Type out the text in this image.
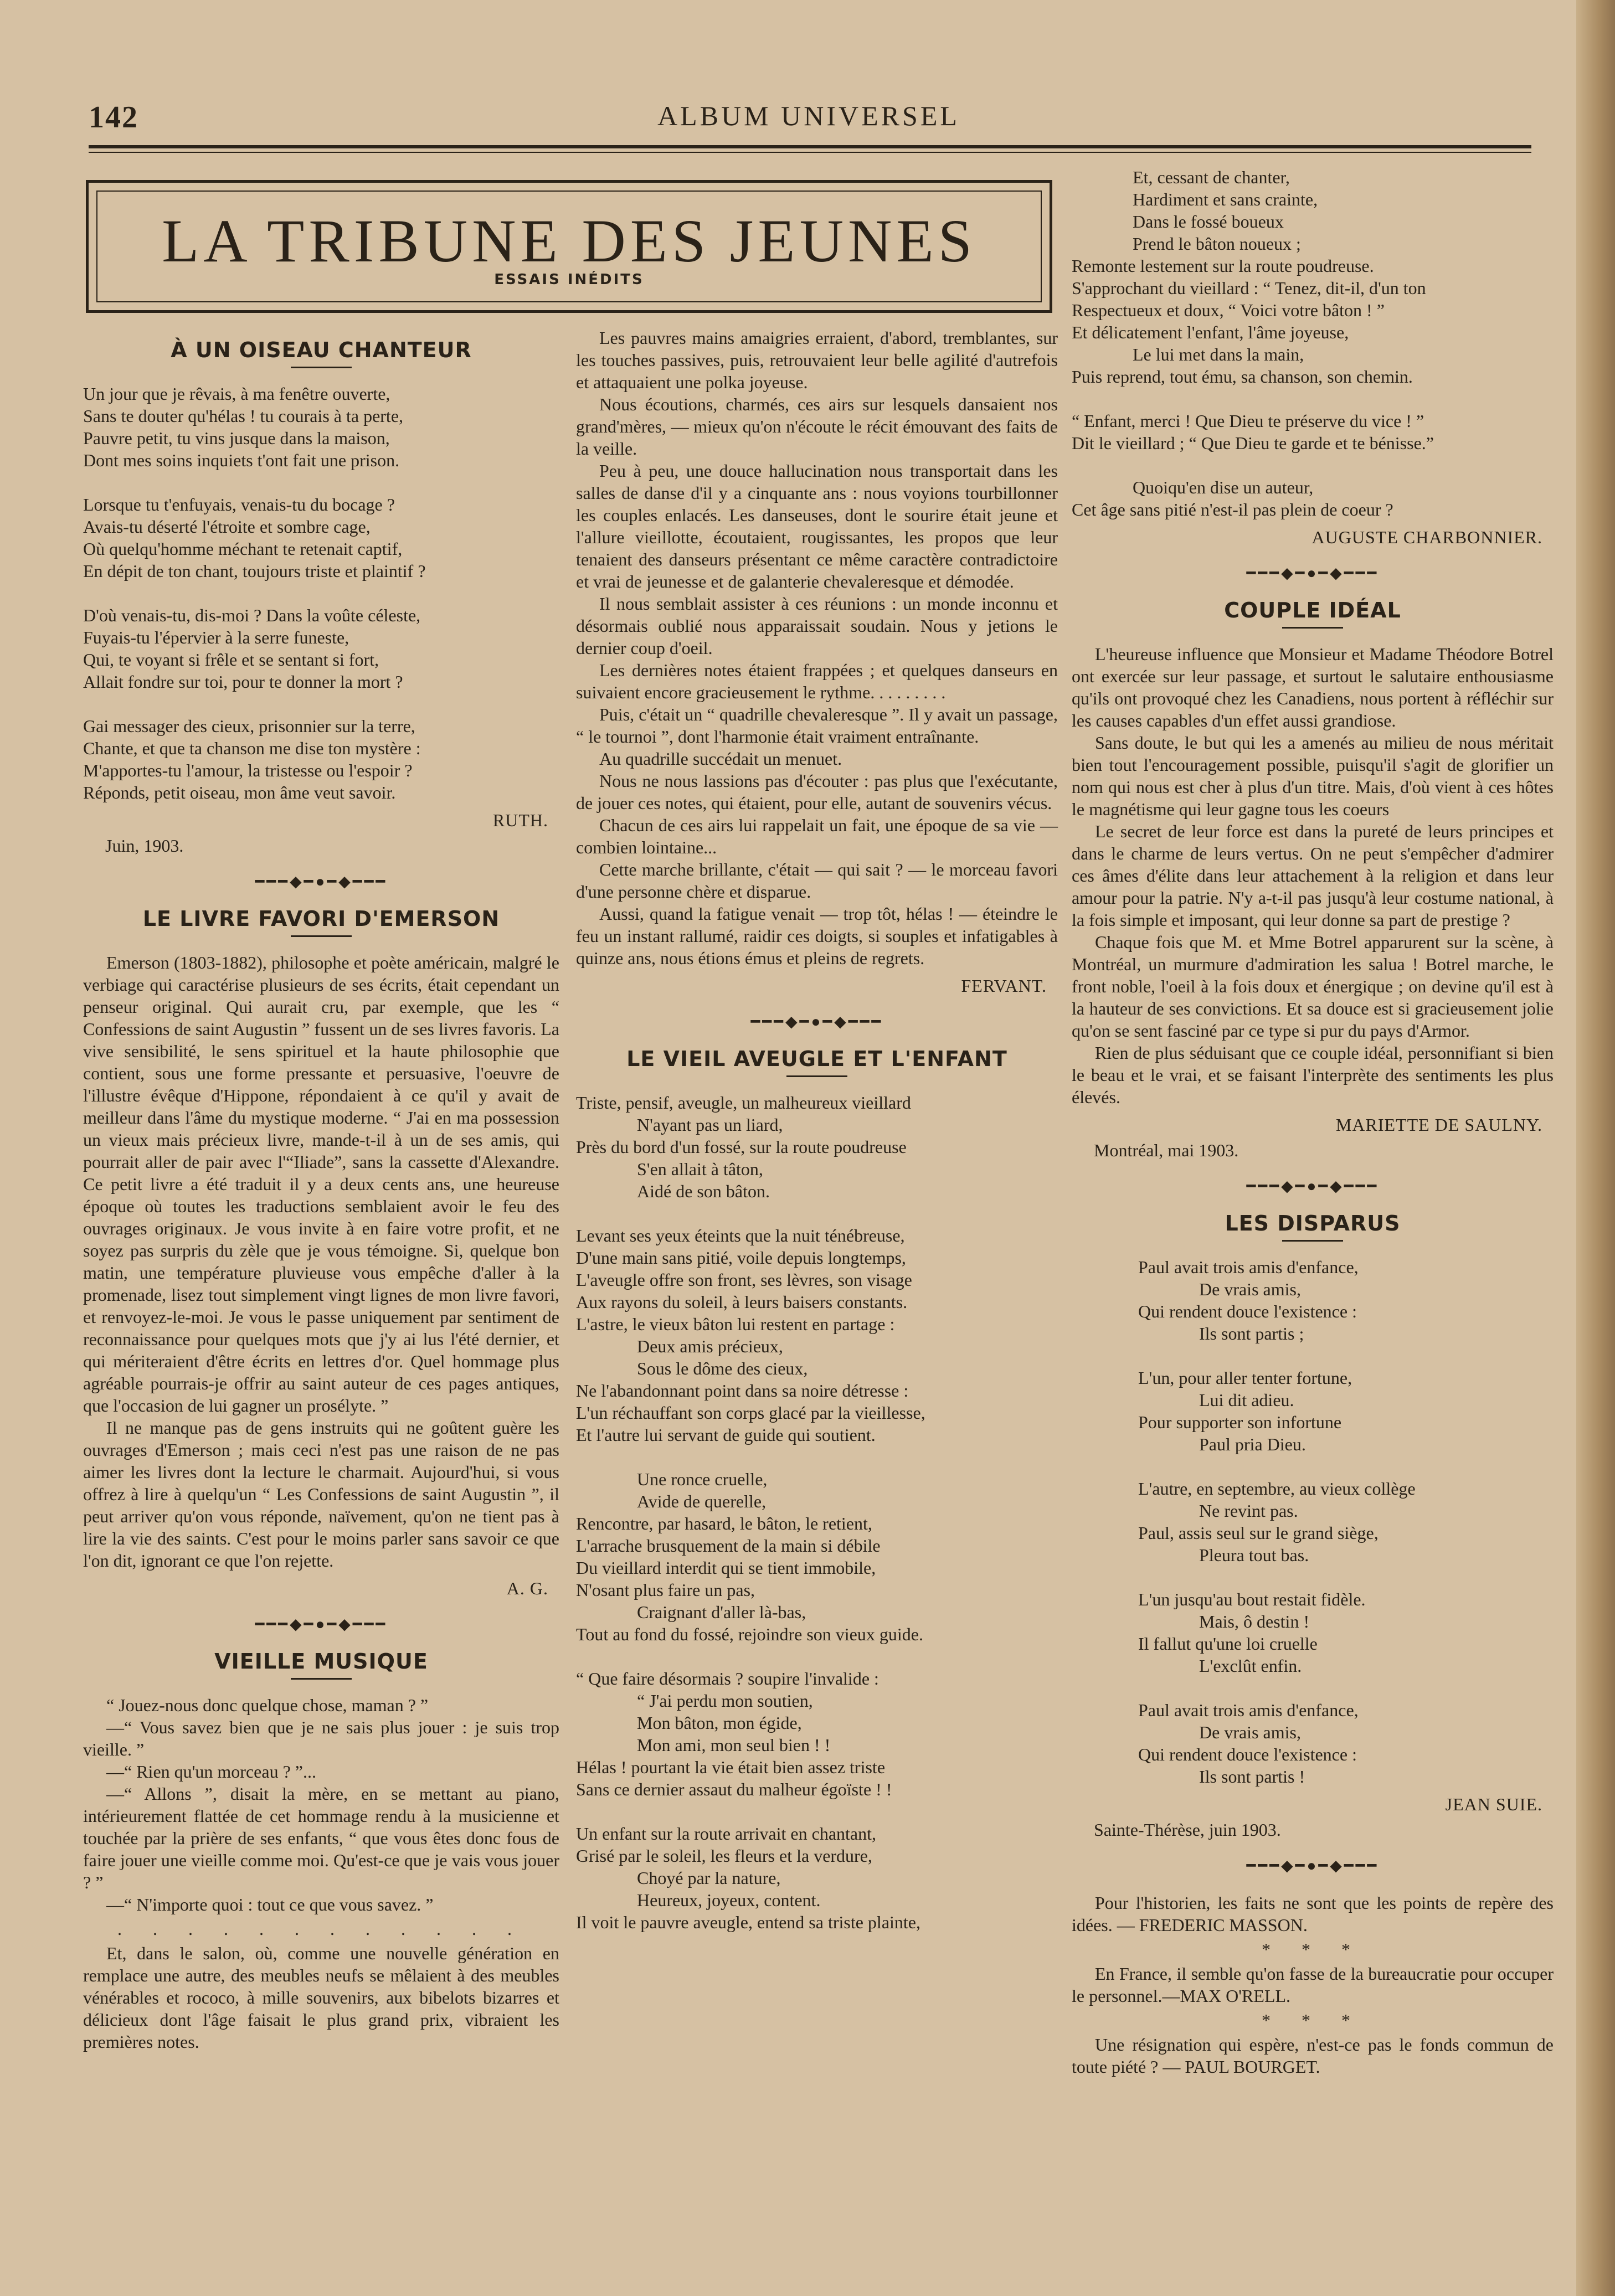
142	ALBUM UNIVERSEL
LA TRIBUNE DES JEUNES
ESSAIS INÉDITS
À UN OISEAU CHANTEUR
Un jour que je rêvais, à ma fenêtre ouverte,
Sans te douter qu'hélas ! tu courais à ta perte,
Pauvre petit, tu vins jusque dans la maison,
Dont mes soins inquiets t'ont fait une prison.
Lorsque tu t'enfuyais, venais-tu du bocage ?
Avais-tu déserté l'étroite et sombre cage,
Où quelqu'homme méchant te retenait captif,
En dépit de ton chant, toujours triste et plaintif ?
D'où venais-tu, dis-moi ? Dans la voûte céleste,
Fuyais-tu l'épervier à la serre funeste,
Qui, te voyant si frêle et se sentant si fort,
Allait fondre sur toi, pour te donner la mort ?
Gai messager des cieux, prisonnier sur la terre,
Chante, et que ta chanson me dise ton mystère :
M'apportes-tu l'amour, la tristesse ou l'espoir ?
Réponds, petit oiseau, mon âme veut savoir.
RUTH.
Juin, 1903.
━━━◆━●━◆━━━
LE LIVRE FAVORI D'EMERSON

Emerson (1803-1882), philosophe et poète américain, malgré le verbiage qui caractérise plusieurs de ses écrits, était cependant un penseur original. Qui aurait cru, par exemple, que les “ Confessions de saint Augustin ” fussent un de ses livres favoris. La vive sensibilité, le sens spirituel et la haute philosophie que contient, sous une forme pressante et persuasive, l'oeuvre de l'illustre évêque d'Hippone, répondaient à ce qu'il y avait de meilleur dans l'âme du mystique moderne. “ J'ai en ma possession un vieux mais précieux livre, mande-t-il à un de ses amis, qui pourrait aller de pair avec l'“Iliade”, sans la cassette d'Alexandre. Ce petit livre a été traduit il y a deux cents ans, une heureuse époque où toutes les traductions semblaient avoir le feu des ouvrages originaux. Je vous invite à en faire votre profit, et ne soyez pas surpris du zèle que je vous témoigne. Si, quelque bon matin, une température pluvieuse vous empêche d'aller à la promenade, lisez tout simplement vingt lignes de mon livre favori, et renvoyez-le-moi. Je vous le passe uniquement par sentiment de reconnaissance pour quelques mots que j'y ai lus l'été dernier, et qui mériteraient d'être écrits en lettres d'or. Quel hommage plus agréable pourrais-je offrir au saint auteur de ces pages antiques, que l'occasion de lui gagner un prosélyte. ”

Il ne manque pas de gens instruits qui ne goûtent guère les ouvrages d'Emerson ; mais ceci n'est pas une raison de ne pas aimer les livres dont la lecture le charmait. Aujourd'hui, si vous offrez à lire à quelqu'un “ Les Confessions de saint Augustin ”, il peut arriver qu'on vous réponde, naïvement, qu'on ne tient pas à lire la vie des saints. C'est pour le moins parler sans savoir ce que l'on dit, ignorant ce que l'on rejette.

A. G.
━━━◆━●━◆━━━
VIEILLE MUSIQUE

“ Jouez-nous donc quelque chose, maman ? ”

—“ Vous savez bien que je ne sais plus jouer : je suis trop vieille. ”

—“ Rien qu'un morceau ? ”...

—“ Allons ”, disait la mère, en se mettant au piano, intérieurement flattée de cet hommage rendu à la musicienne et touchée par la prière de ses enfants, “ que vous êtes donc fous de faire jouer une vieille comme moi. Qu'est-ce que je vais vous jouer ? ”

—“ N'importe quoi : tout ce que vous savez. ”

. . . . . . . . . . . .

Et, dans le salon, où, comme une nouvelle génération en remplace une autre, des meubles neufs se mêlaient à des meubles vénérables et rococo, à mille souvenirs, aux bibelots bizarres et délicieux dont l'âge faisait le plus grand prix, vibraient les premières notes.

Les pauvres mains amaigries erraient, d'abord, tremblantes, sur les touches passives, puis, retrouvaient leur belle agilité d'autrefois et attaquaient une polka joyeuse.

Nous écoutions, charmés, ces airs sur lesquels dansaient nos grand'mères, — mieux qu'on n'écoute le récit émouvant des faits de la veille.

Peu à peu, une douce hallucination nous transportait dans les salles de danse d'il y a cinquante ans : nous voyions tourbillonner les couples enlacés. Les danseuses, dont le sourire était jeune et l'allure vieillotte, écoutaient, rougissantes, les propos que leur tenaient des danseurs présentant ce même caractère contradictoire et vrai de jeunesse et de galanterie chevaleresque et démodée.

Il nous semblait assister à ces réunions : un monde inconnu et désormais oublié nous apparaissait soudain. Nous y jetions le dernier coup d'oeil.

Les dernières notes étaient frappées ; et quelques danseurs en suivaient encore gracieusement le rythme. . . . . . . . .

Puis, c'était un “ quadrille chevaleresque ”. Il y avait un passage, “ le tournoi ”, dont l'harmonie était vraiment entraînante.

Au quadrille succédait un menuet.

Nous ne nous lassions pas d'écouter : pas plus que l'exécutante, de jouer ces notes, qui étaient, pour elle, autant de souvenirs vécus.

Chacun de ces airs lui rappelait un fait, une époque de sa vie — combien lointaine...

Cette marche brillante, c'était — qui sait ? — le morceau favori d'une personne chère et disparue.

Aussi, quand la fatigue venait — trop tôt, hélas ! — éteindre le feu un instant rallumé, raidir ces doigts, si souples et infatigables à quinze ans, nous étions émus et pleins de regrets.

FERVANT.
━━━◆━●━◆━━━
LE VIEIL AVEUGLE ET L'ENFANT
Triste, pensif, aveugle, un malheureux vieillard
N'ayant pas un liard,
Près du bord d'un fossé, sur la route poudreuse
S'en allait à tâton,
Aidé de son bâton.
Levant ses yeux éteints que la nuit ténébreuse,
D'une main sans pitié, voile depuis longtemps,
L'aveugle offre son front, ses lèvres, son visage
Aux rayons du soleil, à leurs baisers constants.
L'astre, le vieux bâton lui restent en partage :
Deux amis précieux,
Sous le dôme des cieux,
Ne l'abandonnant point dans sa noire détresse :
L'un réchauffant son corps glacé par la vieillesse,
Et l'autre lui servant de guide qui soutient.
Une ronce cruelle,
Avide de querelle,
Rencontre, par hasard, le bâton, le retient,
L'arrache brusquement de la main si débile
Du vieillard interdit qui se tient immobile,
N'osant plus faire un pas,
Craignant d'aller là-bas,
Tout au fond du fossé, rejoindre son vieux guide.
“ Que faire désormais ? soupire l'invalide :
“ J'ai perdu mon soutien,
Mon bâton, mon égide,
Mon ami, mon seul bien ! !
Hélas ! pourtant la vie était bien assez triste
Sans ce dernier assaut du malheur égoïste ! !
Un enfant sur la route arrivait en chantant,
Grisé par le soleil, les fleurs et la verdure,
Choyé par la nature,
Heureux, joyeux, content.
Il voit le pauvre aveugle, entend sa triste plainte,
Et, cessant de chanter,
Hardiment et sans crainte,
Dans le fossé boueux
Prend le bâton noueux ;
Remonte lestement sur la route poudreuse.
S'approchant du vieillard : “ Tenez, dit-il, d'un ton
Respectueux et doux, “ Voici votre bâton ! ”
Et délicatement l'enfant, l'âme joyeuse,
Le lui met dans la main,
Puis reprend, tout ému, sa chanson, son chemin.
“ Enfant, merci ! Que Dieu te préserve du vice ! ”
Dit le vieillard ; “ Que Dieu te garde et te bénisse.”
Quoiqu'en dise un auteur,
Cet âge sans pitié n'est-il pas plein de coeur ?
AUGUSTE CHARBONNIER.
━━━◆━●━◆━━━
COUPLE IDÉAL

L'heureuse influence que Monsieur et Madame Théodore Botrel ont exercée sur leur passage, et surtout le salutaire enthousiasme qu'ils ont provoqué chez les Canadiens, nous portent à réfléchir sur les causes capables d'un effet aussi grandiose.

Sans doute, le but qui les a amenés au milieu de nous méritait bien tout l'encouragement possible, puisqu'il s'agit de glorifier un nom qui nous est cher à plus d'un titre. Mais, d'où vient à ces hôtes le magnétisme qui leur gagne tous les coeurs

Le secret de leur force est dans la pureté de leurs principes et dans le charme de leurs vertus. On ne peut s'empêcher d'admirer ces âmes d'élite dans leur attachement à la religion et dans leur amour pour la patrie. N'y a-t-il pas jusqu'à leur costume national, à la fois simple et imposant, qui leur donne sa part de prestige ?

Chaque fois que M. et Mme Botrel apparurent sur la scène, à Montréal, un murmure d'admiration les salua ! Botrel marche, le front noble, l'oeil à la fois doux et énergique ; on devine qu'il est à la hauteur de ses convictions. Et sa douce est si gracieusement jolie qu'on se sent fasciné par ce type si pur du pays d'Armor.

Rien de plus séduisant que ce couple idéal, personnifiant si bien le beau et le vrai, et se faisant l'interprète des sentiments les plus élevés.

MARIETTE DE SAULNY.
Montréal, mai 1903.
━━━◆━●━◆━━━
LES DISPARUS
Paul avait trois amis d'enfance,
De vrais amis,
Qui rendent douce l'existence :
Ils sont partis ;
L'un, pour aller tenter fortune,
Lui dit adieu.
Pour supporter son infortune
Paul pria Dieu.
L'autre, en septembre, au vieux collège
Ne revint pas.
Paul, assis seul sur le grand siège,
Pleura tout bas.
L'un jusqu'au bout restait fidèle.
Mais, ô destin !
Il fallut qu'une loi cruelle
L'exclût enfin.
Paul avait trois amis d'enfance,
De vrais amis,
Qui rendent douce l'existence :
Ils sont partis !
JEAN SUIE.
Sainte-Thérèse, juin 1903.
━━━◆━●━◆━━━

Pour l'historien, les faits ne sont que les points de repère des idées. — FREDERIC MASSON.

* * *

En France, il semble qu'on fasse de la bureaucratie pour occuper le personnel.—MAX O'RELL.

* * *

Une résignation qui espère, n'est-ce pas le fonds commun de toute piété ? — PAUL BOURGET.
